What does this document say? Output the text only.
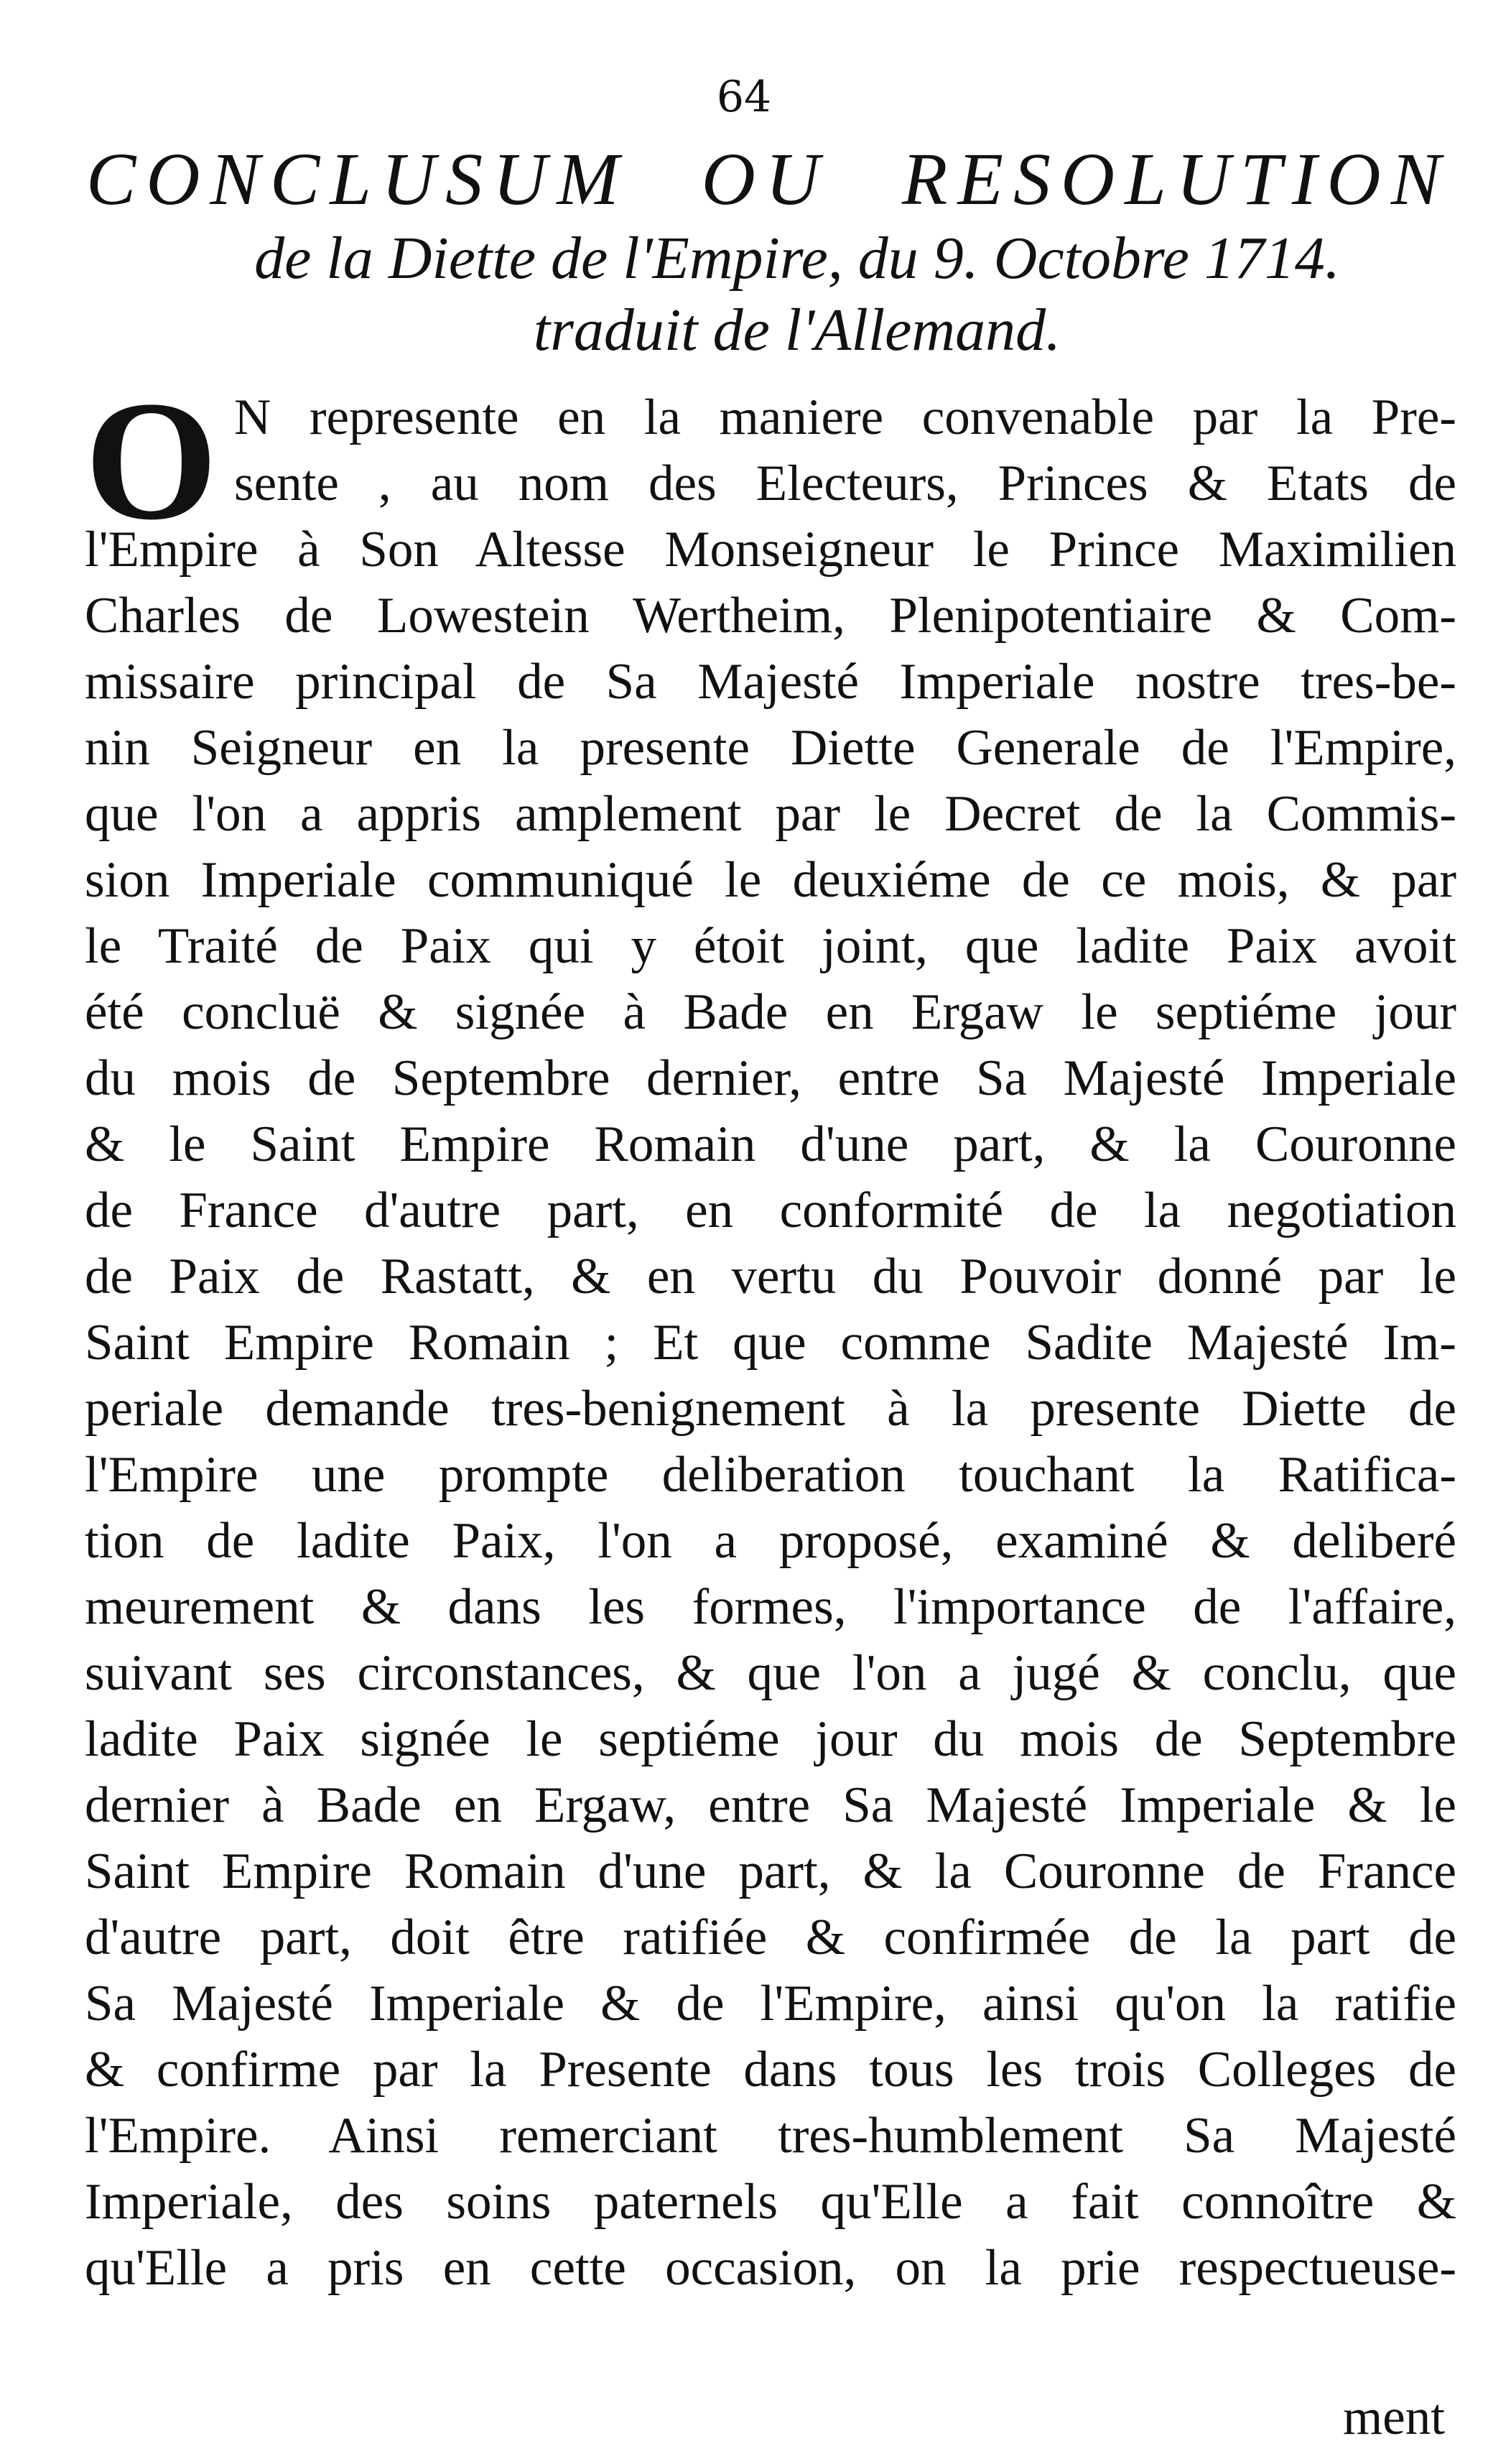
64
CONCLUSUM OU RESOLUTION
de la Diette de l'Empire, du 9. Octobre 1714.
traduit de l'Allemand.
O N represente en la maniere convenable par la Pre-
sente , au nom des Electeurs, Princes & Etats de
l'Empire à Son Altesse Monseigneur le Prince Maximilien
Charles de Lowestein Wertheim, Plenipotentiaire & Com-
missaire principal de Sa Majesté Imperiale nostre tres-be-
nin Seigneur en la presente Diette Generale de l'Empire,
que l'on a appris amplement par le Decret de la Commis-
sion Imperiale communiqué le deuxiéme de ce mois, & par
le Traité de Paix qui y étoit joint, que ladite Paix avoit
été concluë & signée à Bade en Ergaw le septiéme jour
du mois de Septembre dernier, entre Sa Majesté Imperiale
& le Saint Empire Romain d'une part, & la Couronne
de France d'autre part, en conformité de la negotiation
de Paix de Rastatt, & en vertu du Pouvoir donné par le
Saint Empire Romain ; Et que comme Sadite Majesté Im-
periale demande tres-benignement à la presente Diette de
l'Empire une prompte deliberation touchant la Ratifica-
tion de ladite Paix, l'on a proposé, examiné & deliberé
meurement & dans les formes, l'importance de l'affaire,
suivant ses circonstances, & que l'on a jugé & conclu, que
ladite Paix signée le septiéme jour du mois de Septembre
dernier à Bade en Ergaw, entre Sa Majesté Imperiale & le
Saint Empire Romain d'une part, & la Couronne de France
d'autre part, doit être ratifiée & confirmée de la part de
Sa Majesté Imperiale & de l'Empire, ainsi qu'on la ratifie
& confirme par la Presente dans tous les trois Colleges de
l'Empire. Ainsi remerciant tres-humblement Sa Majesté
Imperiale, des soins paternels qu'Elle a fait connoître &
qu'Elle a pris en cette occasion, on la prie respectueuse-
ment
